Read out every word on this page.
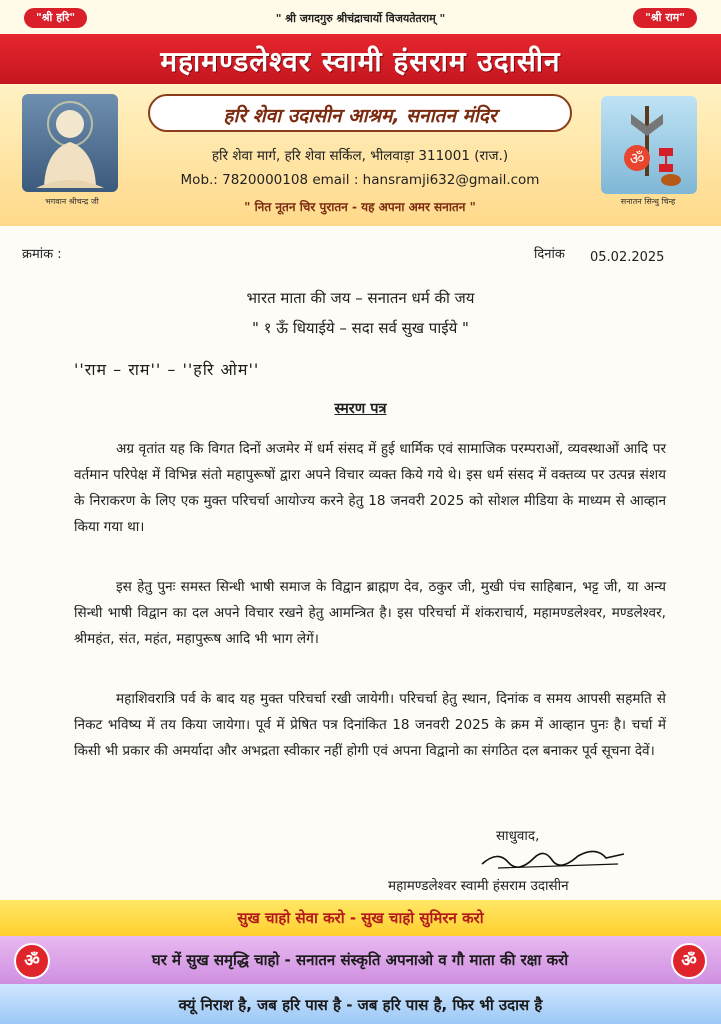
"श्री हरि"	" श्री जगदगुरु श्रीचंद्राचार्यो विजयतेतराम् "	"श्री राम"
महामण्डलेश्वर स्वामी हंसराम उदासीन
भगवान श्रीचन्द्र जी
हरि शेवा उदासीन आश्रम, सनातन मंदिर
हरि शेवा मार्ग, हरि शेवा सर्किल, भीलवाड़ा 311001 (राज.)
Mob.: 7820000108 email : hansramji632@gmail.com
" नित नूतन चिर पुरातन - यह अपना अमर सनातन "
ॐ
सनातन सिन्धु चिन्ह
क्रमांक :	दिनांक 05.02.2025
भारत माता की जय – सनातन धर्म की जय
" १ ऊँ धियाईये – सदा सर्व सुख पाईये "
''राम – राम'' – ''हरि ओम''
स्मरण पत्र

अग्र वृतांत यह कि विगत दिनों अजमेर में धर्म संसद में हुई धार्मिक एवं सामाजिक परम्पराओं, व्यवस्थाओं आदि पर वर्तमान परिपेक्ष में विभिन्न संतो महापुरूषों द्वारा अपने विचार व्यक्त किये गये थे। इस धर्म संसद में वक्तव्य पर उत्पन्न संशय के निराकरण के लिए एक मुक्त परिचर्चा आयोज्य करने हेतु 18 जनवरी 2025 को सोशल मीडिया के माध्यम से आव्हान किया गया था।

इस हेतु पुनः समस्त सिन्धी भाषी समाज के विद्वान ब्राह्मण देव, ठकुर जी, मुखी पंच साहिबान, भट्ट जी, या अन्य सिन्धी भाषी विद्वान का दल अपने विचार रखने हेतु आमन्त्रित है। इस परिचर्चा में शंकराचार्य, महामण्डलेश्वर, मण्डलेश्वर, श्रीमहंत, संत, महंत, महापुरूष आदि भी भाग लेगें।

महाशिवरात्रि पर्व के बाद यह मुक्त परिचर्चा रखी जायेगी। परिचर्चा हेतु स्थान, दिनांक व समय आपसी सहमति से निकट भविष्य में तय किया जायेगा। पूर्व में प्रेषित पत्र दिनांकित 18 जनवरी 2025 के क्रम में आव्हान पुनः है। चर्चा में किसी भी प्रकार की अमर्यादा और अभद्रता स्वीकार नहीं होगी एवं अपना विद्वानो का संगठित दल बनाकर पूर्व सूचना देवें।

साधुवाद,
महामण्डलेश्वर स्वामी हंसराम उदासीन
सुख चाहो सेवा करो - सुख चाहो सुमिरन करो
ॐ	घर में सुख समृद्धि चाहो - सनातन संस्कृति अपनाओ व गौ माता की रक्षा करो	ॐ
क्यूं निराश है, जब हरि पास है - जब हरि पास है, फिर भी उदास है
